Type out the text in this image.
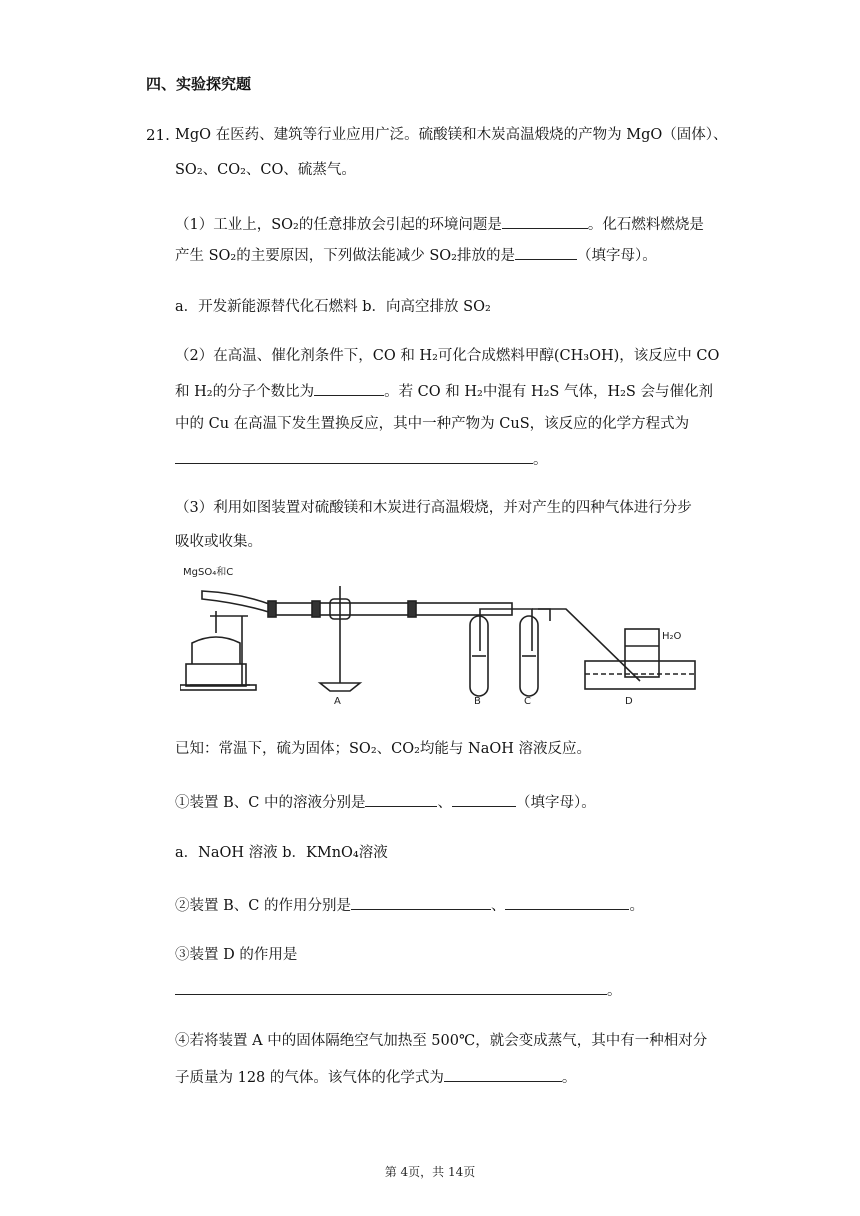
四、实验探究题
21. MgO 在医药、建筑等行业应用广泛。硫酸镁和木炭高温煅烧的产物为 MgO（固体）、
SO₂、CO₂、CO、硫蒸气。
（1）工业上，SO₂的任意排放会引起的环境问题是	。化石燃料燃烧是
产生 SO₂的主要原因，下列做法能减少 SO₂排放的是	（填字母）。
a．开发新能源替代化石燃料 b．向高空排放 SO₂
（2）在高温、催化剂条件下，CO 和 H₂可化合成燃料甲醇(CH₃OH)，该反应中 CO
和 H₂的分子个数比为	。若 CO 和 H₂中混有 H₂S 气体，H₂S 会与催化剂
中的 Cu 在高温下发生置换反应，其中一种产物为 CuS，该反应的化学方程式为
。
（3）利用如图装置对硫酸镁和木炭进行高温煅烧，并对产生的四种气体进行分步
吸收或收集。
MgSO₄和C
A	B	C	D
H₂O
已知：常温下，硫为固体；SO₂、CO₂均能与 NaOH 溶液反应。
①装置 B、C 中的溶液分别是	、	（填字母）。
a．NaOH 溶液 b．KMnO₄溶液
②装置 B、C 的作用分别是	、	。
③装置 D 的作用是
。
④若将装置 A 中的固体隔绝空气加热至 500℃，就会变成蒸气，其中有一种相对分
子质量为 128 的气体。该气体的化学式为	。
第 4页，共 14页
